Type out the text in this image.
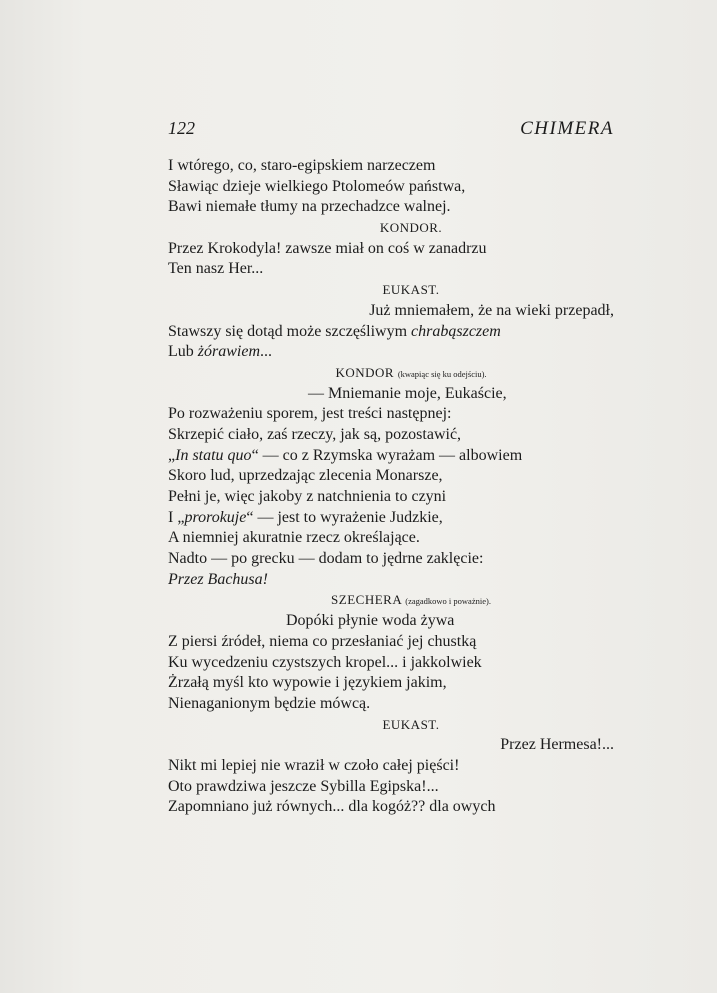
122	CHIMERA
I wtórego, co, staro-egipskiem narzeczem
Sławiąc dzieje wielkiego Ptolomeów państwa,
Bawi niemałe tłumy na przechadzce walnej.
KONDOR.
Przez Krokodyla! zawsze miał on coś w zanadrzu
Ten nasz Her...
EUKAST.
Już mniemałem, że na wieki przepadł,
Stawszy się dotąd może szczęśliwym chrabąszczem
Lub żórawiem...
KONDOR (kwapiąc się ku odejściu).
— Mniemanie moje, Eukaście,
Po rozważeniu sporem, jest treści następnej:
Skrzepić ciało, zaś rzeczy, jak są, pozostawić,
„In statu quo“ — co z Rzymska wyrażam — albowiem
Skoro lud, uprzedzając zlecenia Monarsze,
Pełni je, więc jakoby z natchnienia to czyni
I „prorokuje“ — jest to wyrażenie Judzkie,
A niemniej akuratnie rzecz określające.
Nadto — po grecku — dodam to jędrne zaklęcie:
Przez Bachusa!
SZECHERA (zagadkowo i poważnie).
Dopóki płynie woda żywa
Z piersi źródeł, niema co przesłaniać jej chustką
Ku wycedzeniu czystszych kropel... i jakkolwiek
Żrzałą myśl kto wypowie i językiem jakim,
Nienaganionym będzie mówcą.
EUKAST.
Przez Hermesa!...
Nikt mi lepiej nie wraził w czoło całej pięści!
Oto prawdziwa jeszcze Sybilla Egipska!...
Zapomniano już równych... dla kogóż?? dla owych
